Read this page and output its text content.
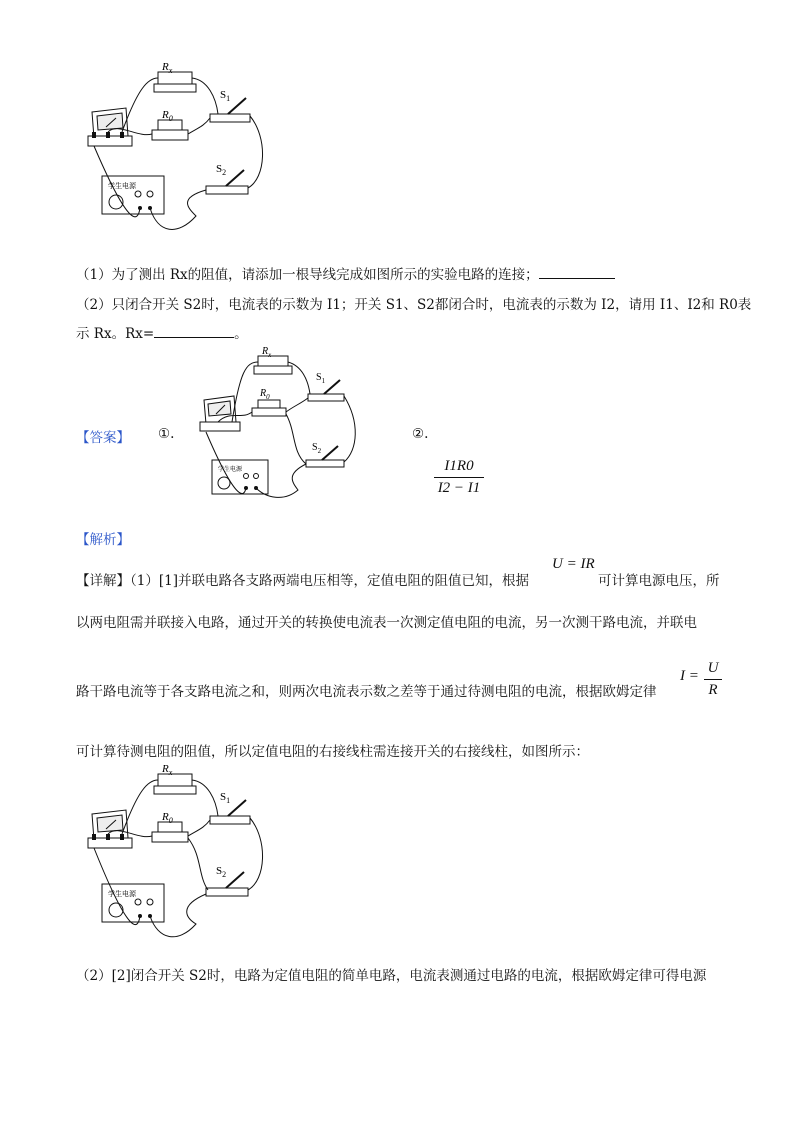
$R_x$
$R_0$
$S_1$
$S_2$
学生电源
（1）为了测出 Rx的阻值，请添加一根导线完成如图所示的实验电路的连接；
（2）只闭合开关 S2时，电流表的示数为 I1；开关 S1、S2都闭合时，电流表的示数为 I2，请用 I1、I2和 R0表
示 Rx。Rx=	。
【答案】 ①.
$R_x$
$R_0$
$S_1$
$S_2$
学生电源
②.
I1R0
I2 − I1
【解析】
【详解】（1）[1]并联电路各支路两端电压相等，定值电阻的阻值已知，根据
U = IR
可计算电源电压，所
以两电阻需并联接入电路，通过开关的转换使电流表一次测定值电阻的电流，另一次测干路电流，并联电
路干路电流等于各支路电流之和，则两次电流表示数之差等于通过待测电阻的电流，根据欧姆定律
I = U
R
可计算待测电阻的阻值，所以定值电阻的右接线柱需连接开关的右接线柱，如图所示：
$R_x$
$R_0$
$S_1$
$S_2$
学生电源
（2）[2]闭合开关 S2时，电路为定值电阻的简单电路，电流表测通过电路的电流，根据欧姆定律可得电源
